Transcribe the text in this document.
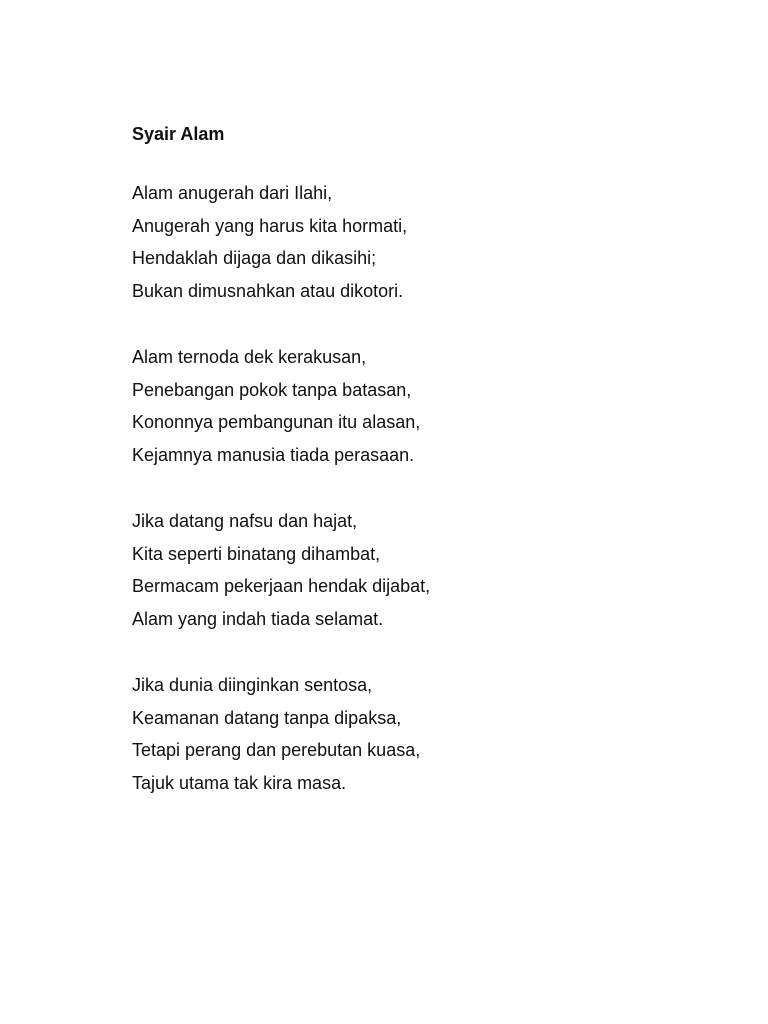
Syair Alam
Alam anugerah dari Ilahi,
Anugerah yang harus kita hormati,
Hendaklah dijaga dan dikasihi;
Bukan dimusnahkan atau dikotori.
Alam ternoda dek kerakusan,
Penebangan pokok tanpa batasan,
Kononnya pembangunan itu alasan,
Kejamnya manusia tiada perasaan.
Jika datang nafsu dan hajat,
Kita seperti binatang dihambat,
Bermacam pekerjaan hendak dijabat,
Alam yang indah tiada selamat.
Jika dunia diinginkan sentosa,
Keamanan datang tanpa dipaksa,
Tetapi perang dan perebutan kuasa,
Tajuk utama tak kira masa.
